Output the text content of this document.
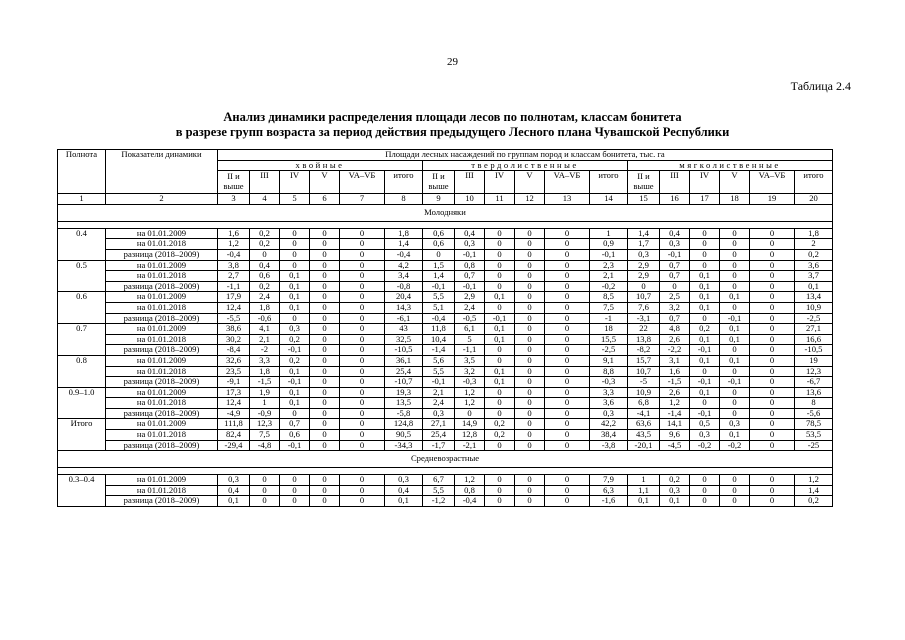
29
Таблица 2.4
Анализ динамики распределения площади лесов по полнотам, классам бонитета
в разрезе групп возраста за период действия предыдущего Лесного плана Чувашской Республики
Полнота	Показатели динамики	Площади лесных насаждений по группам пород и классам бонитета, тыс. га																	
		хвойные						твердолиственные						мягколиственные					
		II и выше	III	IV	V	VA–VБ	итого	II и выше	III	IV	V	VA–VБ	итого	II и выше	III	IV	V	VA–VБ	итого
1	2	3	4	5	6	7	8	9	10	11	12	13	14	15	16	17	18	19	20
Молодняки																			

0.4	на 01.01.2009	1,6	0,2	0	0	0	1,8	0,6	0,4	0	0	0	1	1,4	0,4	0	0	0	1,8
	на 01.01.2018	1,2	0,2	0	0	0	1,4	0,6	0,3	0	0	0	0,9	1,7	0,3	0	0	0	2
	разница (2018–2009)	-0,4	0	0	0	0	-0,4	0	-0,1	0	0	0	-0,1	0,3	-0,1	0	0	0	0,2
0.5	на 01.01.2009	3,8	0,4	0	0	0	4,2	1,5	0,8	0	0	0	2,3	2,9	0,7	0	0	0	3,6
	на 01.01.2018	2,7	0,6	0,1	0	0	3,4	1,4	0,7	0	0	0	2,1	2,9	0,7	0,1	0	0	3,7
	разница (2018–2009)	-1,1	0,2	0,1	0	0	-0,8	-0,1	-0,1	0	0	0	-0,2	0	0	0,1	0	0	0,1
0.6	на 01.01.2009	17,9	2,4	0,1	0	0	20,4	5,5	2,9	0,1	0	0	8,5	10,7	2,5	0,1	0,1	0	13,4
	на 01.01.2018	12,4	1,8	0,1	0	0	14,3	5,1	2,4	0	0	0	7,5	7,6	3,2	0,1	0	0	10,9
	разница (2018–2009)	-5,5	-0,6	0	0	0	-6,1	-0,4	-0,5	-0,1	0	0	-1	-3,1	0,7	0	-0,1	0	-2,5
0.7	на 01.01.2009	38,6	4,1	0,3	0	0	43	11,8	6,1	0,1	0	0	18	22	4,8	0,2	0,1	0	27,1
	на 01.01.2018	30,2	2,1	0,2	0	0	32,5	10,4	5	0,1	0	0	15,5	13,8	2,6	0,1	0,1	0	16,6
	разница (2018–2009)	-8,4	-2	-0,1	0	0	-10,5	-1,4	-1,1	0	0	0	-2,5	-8,2	-2,2	-0,1	0	0	-10,5
0.8	на 01.01.2009	32,6	3,3	0,2	0	0	36,1	5,6	3,5	0	0	0	9,1	15,7	3,1	0,1	0,1	0	19
	на 01.01.2018	23,5	1,8	0,1	0	0	25,4	5,5	3,2	0,1	0	0	8,8	10,7	1,6	0	0	0	12,3
	разница (2018–2009)	-9,1	-1,5	-0,1	0	0	-10,7	-0,1	-0,3	0,1	0	0	-0,3	-5	-1,5	-0,1	-0,1	0	-6,7
0.9–1.0	на 01.01.2009	17,3	1,9	0,1	0	0	19,3	2,1	1,2	0	0	0	3,3	10,9	2,6	0,1	0	0	13,6
	на 01.01.2018	12,4	1	0,1	0	0	13,5	2,4	1,2	0	0	0	3,6	6,8	1,2	0	0	0	8
	разница (2018–2009)	-4,9	-0,9	0	0	0	-5,8	0,3	0	0	0	0	0,3	-4,1	-1,4	-0,1	0	0	-5,6
Итого	на 01.01.2009	111,8	12,3	0,7	0	0	124,8	27,1	14,9	0,2	0	0	42,2	63,6	14,1	0,5	0,3	0	78,5
	на 01.01.2018	82,4	7,5	0,6	0	0	90,5	25,4	12,8	0,2	0	0	38,4	43,5	9,6	0,3	0,1	0	53,5
	разница (2018–2009)	-29,4	-4,8	-0,1	0	0	-34,3	-1,7	-2,1	0	0	0	-3,8	-20,1	-4,5	-0,2	-0,2	0	-25
Средневозрастные																			

0.3–0.4	на 01.01.2009	0,3	0	0	0	0	0,3	6,7	1,2	0	0	0	7,9	1	0,2	0	0	0	1,2
	на 01.01.2018	0,4	0	0	0	0	0,4	5,5	0,8	0	0	0	6,3	1,1	0,3	0	0	0	1,4
	разница (2018–2009)	0,1	0	0	0	0	0,1	-1,2	-0,4	0	0	0	-1,6	0,1	0,1	0	0	0	0,2
